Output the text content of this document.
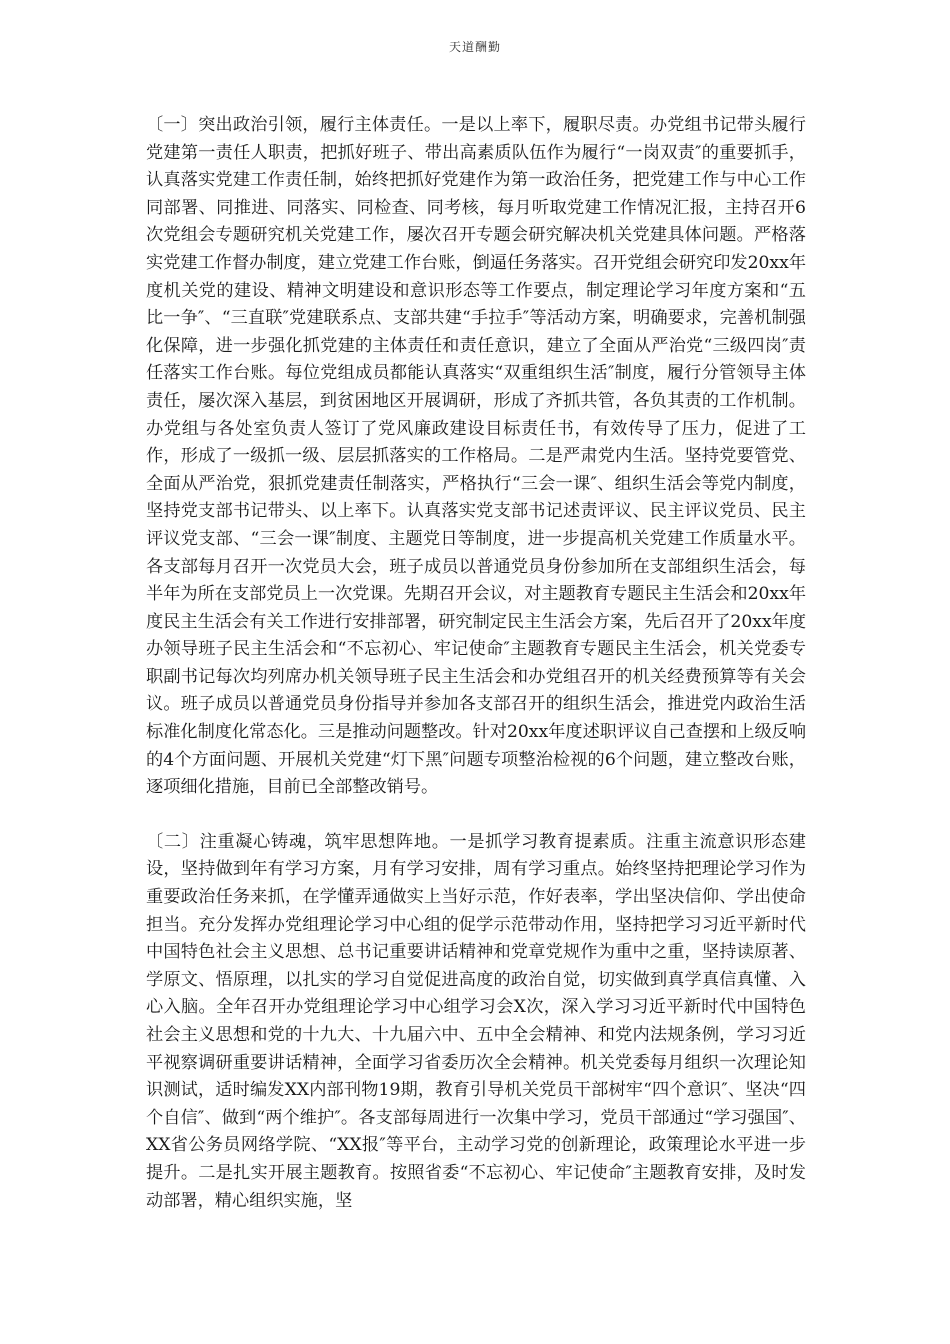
天道酬勤

〔一〕突出政治引领，履行主体责任。一是以上率下，履职尽责。办党组书记带头履行党建第一责任人职责，把抓好班子、带出高素质队伍作为履行“一岗双责″的重要抓手，认真落实党建工作责任制，始终把抓好党建作为第一政治任务，把党建工作与中心工作同部署、同推进、同落实、同检查、同考核，每月听取党建工作情况汇报，主持召开6次党组会专题研究机关党建工作，屡次召开专题会研究解决机关党建具体问题。严格落实党建工作督办制度，建立党建工作台账，倒逼任务落实。召开党组会研究印发20xx年度机关党的建设、精神文明建设和意识形态等工作要点，制定理论学习年度方案和“五比一争″、“三直联″党建联系点、支部共建“手拉手″等活动方案，明确要求，完善机制强化保障，进一步强化抓党建的主体责任和责任意识，建立了全面从严治党“三级四岗″责任落实工作台账。每位党组成员都能认真落实“双重组织生活″制度，履行分管领导主体责任，屡次深入基层，到贫困地区开展调研，形成了齐抓共管，各负其责的工作机制。办党组与各处室负责人签订了党风廉政建设目标责任书，有效传导了压力，促进了工作，形成了一级抓一级、层层抓落实的工作格局。二是严肃党内生活。坚持党要管党、全面从严治党，狠抓党建责任制落实，严格执行“三会一课″、组织生活会等党内制度，坚持党支部书记带头、以上率下。认真落实党支部书记述责评议、民主评议党员、民主评议党支部、“三会一课″制度、主题党日等制度，进一步提高机关党建工作质量水平。各支部每月召开一次党员大会，班子成员以普通党员身份参加所在支部组织生活会，每半年为所在支部党员上一次党课。先期召开会议，对主题教育专题民主生活会和20xx年度民主生活会有关工作进行安排部署，研究制定民主生活会方案，先后召开了20xx年度办领导班子民主生活会和“不忘初心、牢记使命″主题教育专题民主生活会，机关党委专职副书记每次均列席办机关领导班子民主生活会和办党组召开的机关经费预算等有关会议。班子成员以普通党员身份指导并参加各支部召开的组织生活会，推进党内政治生活标准化制度化常态化。三是推动问题整改。针对20xx年度述职评议自己查摆和上级反响的4个方面问题、开展机关党建“灯下黑″问题专项整治检视的6个问题，建立整改台账，逐项细化措施，目前已全部整改销号。

〔二〕注重凝心铸魂，筑牢思想阵地。一是抓学习教育提素质。注重主流意识形态建设，坚持做到年有学习方案，月有学习安排，周有学习重点。始终坚持把理论学习作为重要政治任务来抓，在学懂弄通做实上当好示范，作好表率，学出坚决信仰、学出使命担当。充分发挥办党组理论学习中心组的促学示范带动作用，坚持把学习习近平新时代中国特色社会主义思想、总书记重要讲话精神和党章党规作为重中之重，坚持读原著、学原文、悟原理，以扎实的学习自觉促进高度的政治自觉，切实做到真学真信真懂、入心入脑。全年召开办党组理论学习中心组学习会X次，深入学习习近平新时代中国特色社会主义思想和党的十九大、十九届六中、五中全会精神、和党内法规条例，学习习近平视察调研重要讲话精神，全面学习省委历次全会精神。机关党委每月组织一次理论知识测试，适时编发XX内部刊物19期，教育引导机关党员干部树牢“四个意识″、坚决“四个自信″、做到“两个维护″。各支部每周进行一次集中学习，党员干部通过“学习强国″、XX省公务员网络学院、“XX报″等平台，主动学习党的创新理论，政策理论水平进一步提升。二是扎实开展主题教育。按照省委“不忘初心、牢记使命″主题教育安排，及时发动部署，精心组织实施，坚
